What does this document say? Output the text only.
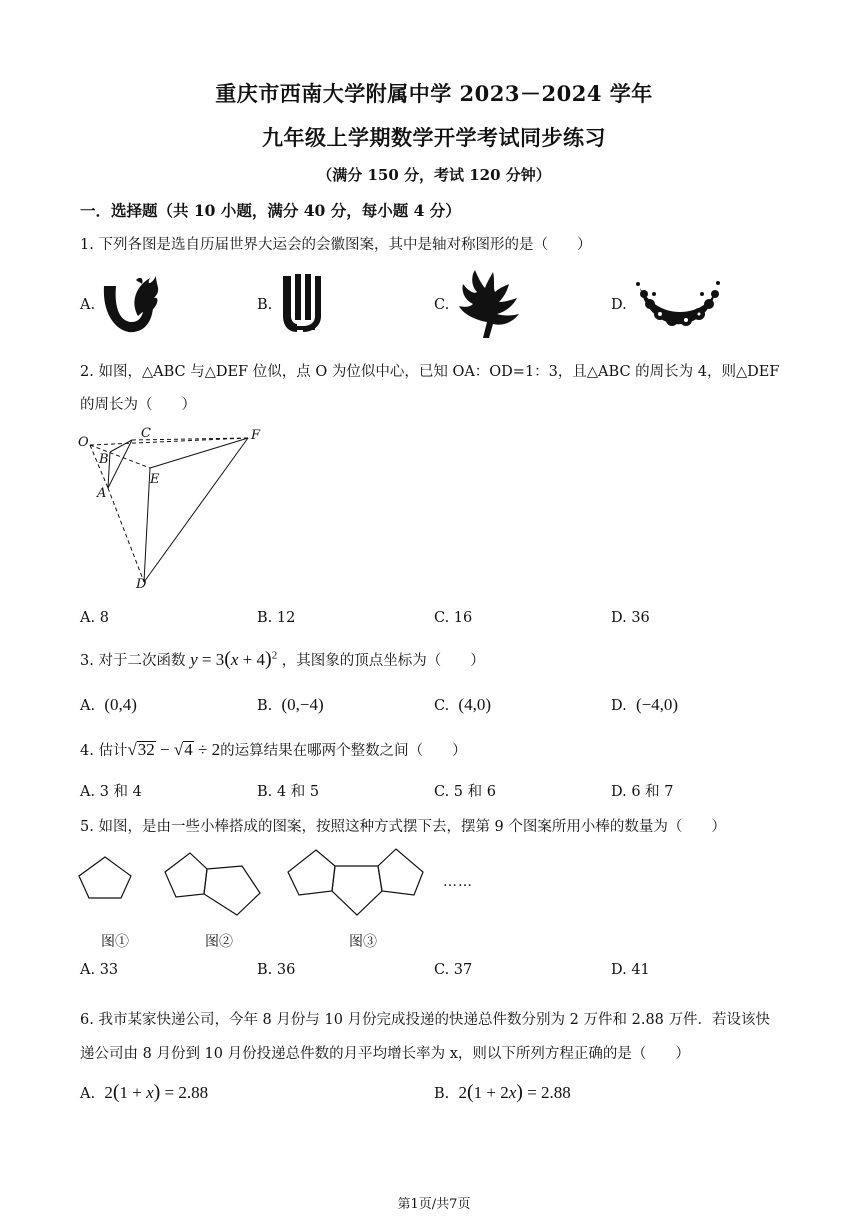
重庆市西南大学附属中学 2023－2024 学年
九年级上学期数学开学考试同步练习
（满分 150 分，考试 120 分钟）
一．选择题（共 10 小题，满分 40 分，每小题 4 分）
1. 下列各图是选自历届世界大运会的会徽图案，其中是轴对称图形的是（　　）
A.	B.	C.	D.
2. 如图，△ABC 与△DEF 位似，点 O 为位似中心，已知 OA：OD=1：3，且△ABC 的周长为 4，则△DEF
的周长为（　　）
O
C	F
B
E
A
D
A. 8	B. 12	C. 16	D. 36
3. 对于二次函数 $y = 3(x + 4)^2$ ，其图象的顶点坐标为（　　）
A. (0,4)	B. (0,−4)	C. (4,0)	D. (−4,0)
4. 估计√32 − √4 ÷ 2的运算结果在哪两个整数之间（　　）
A. 3 和 4	B. 4 和 5	C. 5 和 6	D. 6 和 7
5. 如图，是由一些小棒搭成的图案，按照这种方式摆下去，摆第 9 个图案所用小棒的数量为（　　）
……
图①	图②	图③
A. 33	B. 36	C. 37	D. 41
6. 我市某家快递公司，今年 8 月份与 10 月份完成投递的快递总件数分别为 2 万件和 2.88 万件．若设该快
递公司由 8 月份到 10 月份投递总件数的月平均增长率为 x，则以下所列方程正确的是（　　）
A. 2(1 + x) = 2.88	B. 2(1 + 2x) = 2.88
第1页/共7页
